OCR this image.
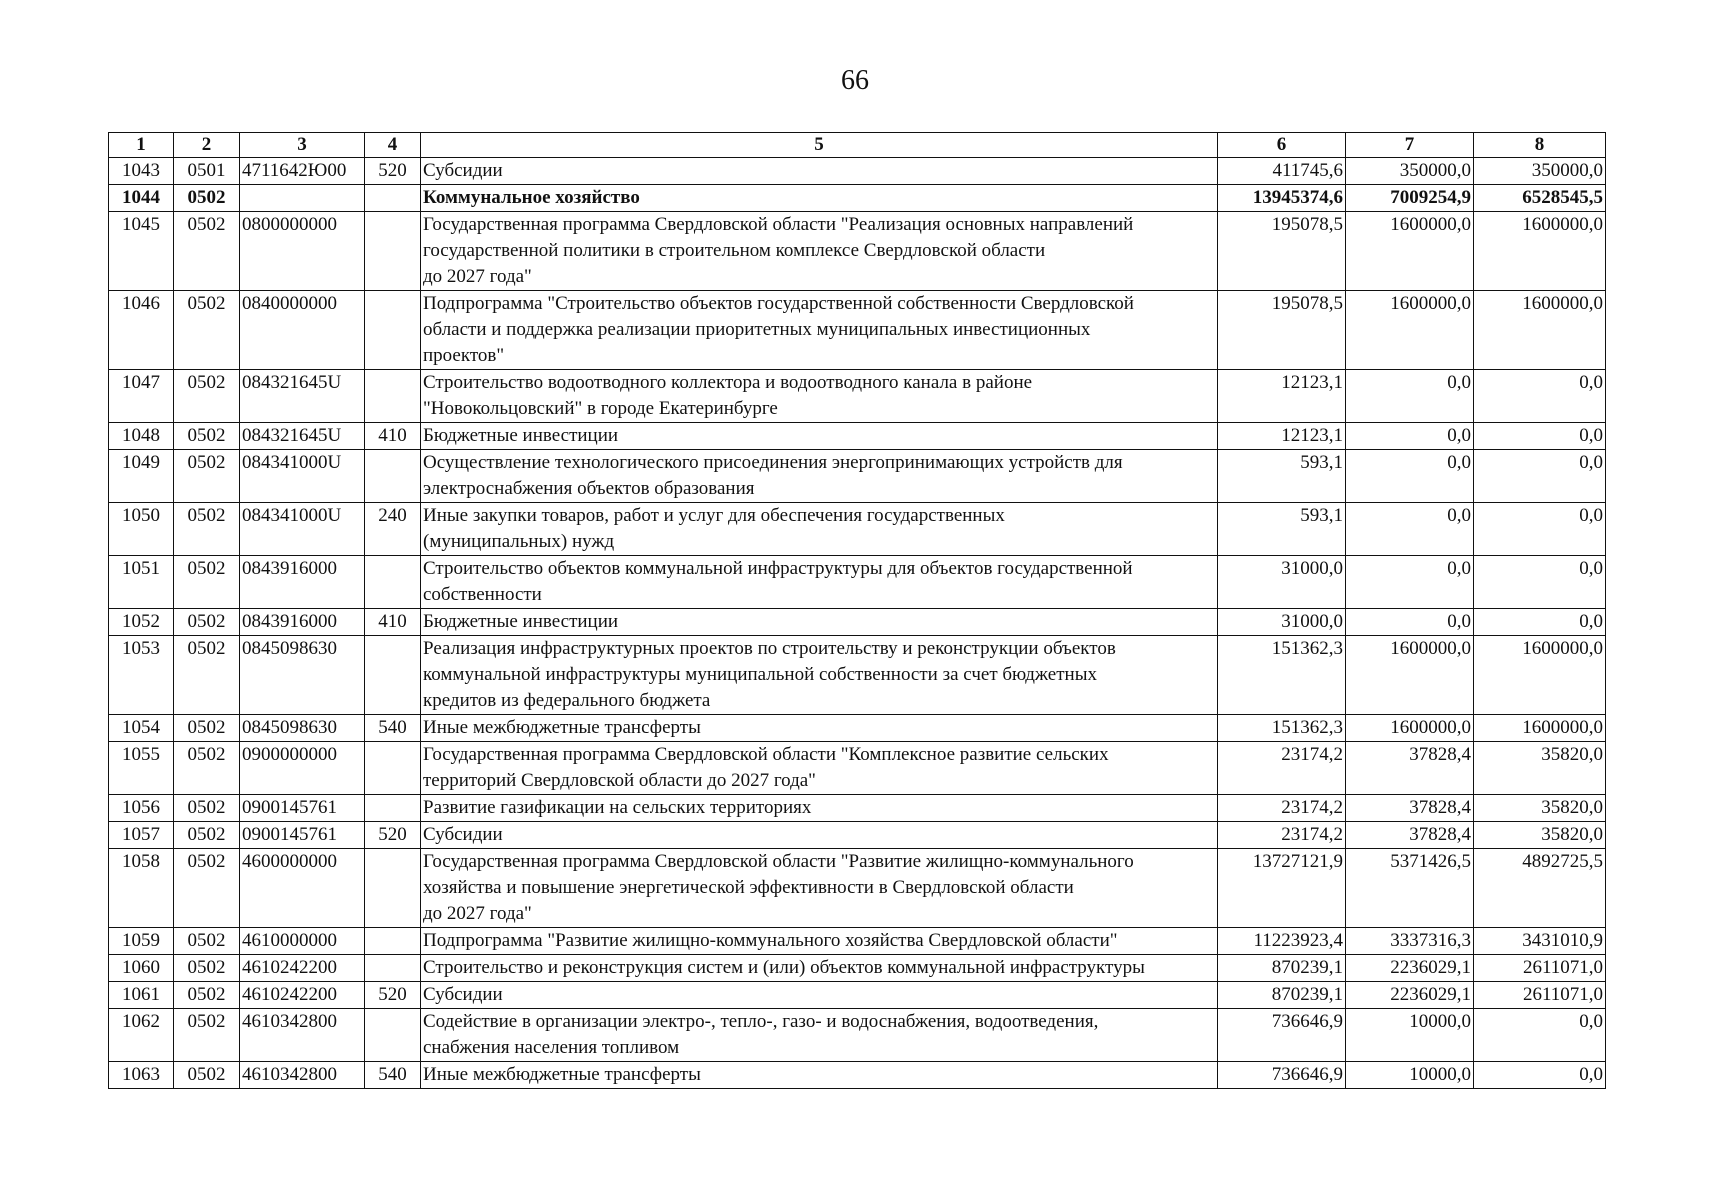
66
1	2	3	4	5	6	7	8
1043	0501	4711642Ю00	520	Субсидии	411745,6	350000,0	350000,0
1044	0502			Коммунальное хозяйство	13945374,6	7009254,9	6528545,5
1045	0502	0800000000		Государственная программа Свердловской области "Реализация основных направлений
государственной политики в строительном комплексе Свердловской области
до 2027 года"	195078,5	1600000,0	1600000,0
1046	0502	0840000000		Подпрограмма "Строительство объектов государственной собственности Свердловской
области и поддержка реализации приоритетных муниципальных инвестиционных
проектов"	195078,5	1600000,0	1600000,0
1047	0502	084321645U		Строительство водоотводного коллектора и водоотводного канала в районе
"Новокольцовский" в городе Екатеринбурге	12123,1	0,0	0,0
1048	0502	084321645U	410	Бюджетные инвестиции	12123,1	0,0	0,0
1049	0502	084341000U		Осуществление технологического присоединения энергопринимающих устройств для
электроснабжения объектов образования	593,1	0,0	0,0
1050	0502	084341000U	240	Иные закупки товаров, работ и услуг для обеспечения государственных
(муниципальных) нужд	593,1	0,0	0,0
1051	0502	0843916000		Строительство объектов коммунальной инфраструктуры для объектов государственной
собственности	31000,0	0,0	0,0
1052	0502	0843916000	410	Бюджетные инвестиции	31000,0	0,0	0,0
1053	0502	0845098630		Реализация инфраструктурных проектов по строительству и реконструкции объектов
коммунальной инфраструктуры муниципальной собственности за счет бюджетных
кредитов из федерального бюджета	151362,3	1600000,0	1600000,0
1054	0502	0845098630	540	Иные межбюджетные трансферты	151362,3	1600000,0	1600000,0
1055	0502	0900000000		Государственная программа Свердловской области "Комплексное развитие сельских
территорий Свердловской области до 2027 года"	23174,2	37828,4	35820,0
1056	0502	0900145761		Развитие газификации на сельских территориях	23174,2	37828,4	35820,0
1057	0502	0900145761	520	Субсидии	23174,2	37828,4	35820,0
1058	0502	4600000000		Государственная программа Свердловской области "Развитие жилищно-коммунального
хозяйства и повышение энергетической эффективности в Свердловской области
до 2027 года"	13727121,9	5371426,5	4892725,5
1059	0502	4610000000		Подпрограмма "Развитие жилищно-коммунального хозяйства Свердловской области"	11223923,4	3337316,3	3431010,9
1060	0502	4610242200		Строительство и реконструкция систем и (или) объектов коммунальной инфраструктуры	870239,1	2236029,1	2611071,0
1061	0502	4610242200	520	Субсидии	870239,1	2236029,1	2611071,0
1062	0502	4610342800		Содействие в организации электро-, тепло-, газо- и водоснабжения, водоотведения,
снабжения населения топливом	736646,9	10000,0	0,0
1063	0502	4610342800	540	Иные межбюджетные трансферты	736646,9	10000,0	0,0
